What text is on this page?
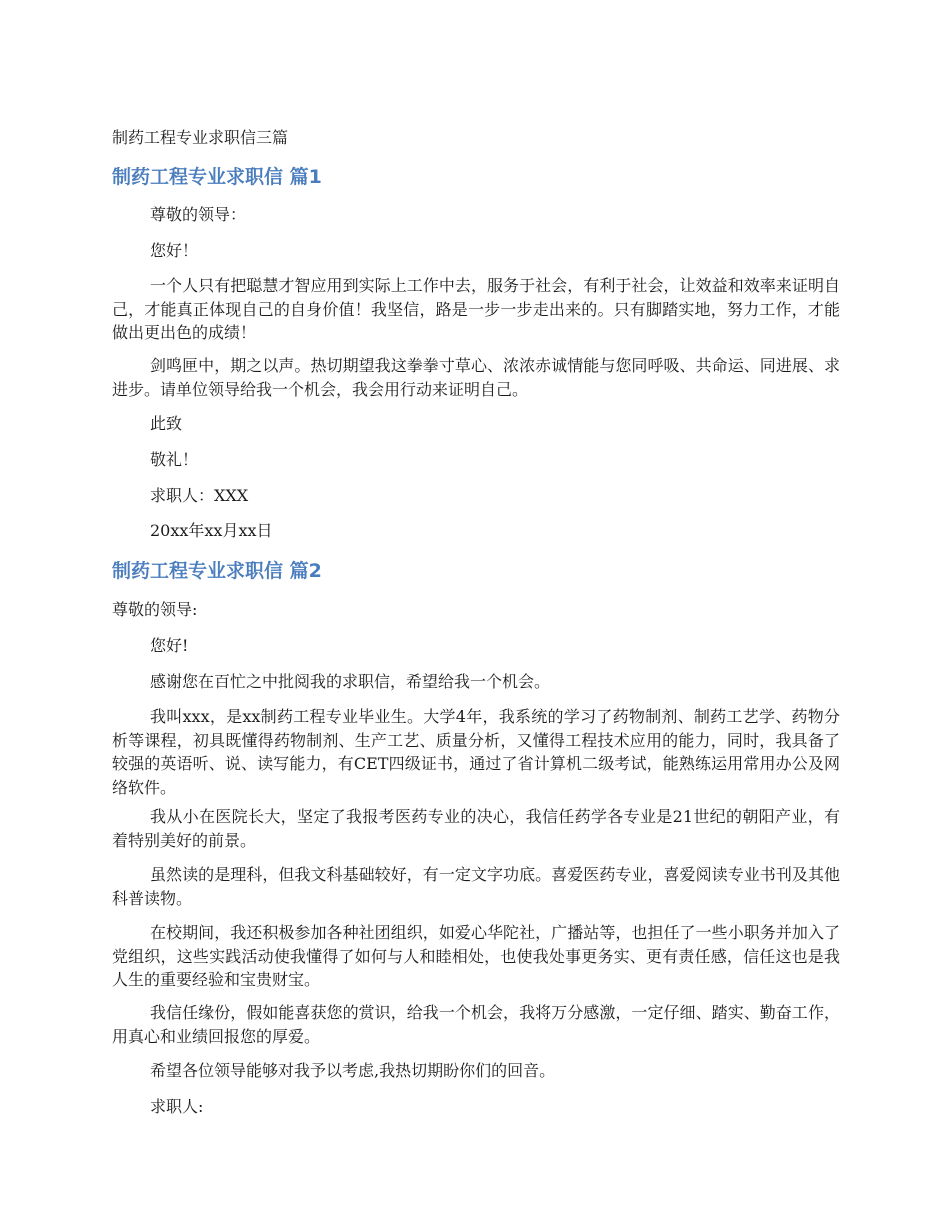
制药工程专业求职信三篇
制药工程专业求职信 篇1

尊敬的领导：

您好！

一个人只有把聪慧才智应用到实际上工作中去，服务于社会，有利于社会，让效益和效率来证明自己，才能真正体现自己的自身价值！我坚信，路是一步一步走出来的。只有脚踏实地，努力工作，才能做出更出色的成绩！

剑鸣匣中，期之以声。热切期望我这拳拳寸草心、浓浓赤诚情能与您同呼吸、共命运、同进展、求进步。请单位领导给我一个机会，我会用行动来证明自己。

此致

敬礼！

求职人：XXX

20xx年xx月xx日

制药工程专业求职信 篇2

尊敬的领导:

您好!

感谢您在百忙之中批阅我的求职信，希望给我一个机会。

我叫xxx，是xx制药工程专业毕业生。大学4年，我系统的学习了药物制剂、制药工艺学、药物分析等课程，初具既懂得药物制剂、生产工艺、质量分析，又懂得工程技术应用的能力，同时，我具备了较强的英语听、说、读写能力，有CET四级证书，通过了省计算机二级考试，能熟练运用常用办公及网络软件。

我从小在医院长大，坚定了我报考医药专业的决心，我信任药学各专业是21世纪的朝阳产业，有着特别美好的前景。

虽然读的是理科，但我文科基础较好，有一定文字功底。喜爱医药专业，喜爱阅读专业书刊及其他科普读物。

在校期间，我还积极参加各种社团组织，如爱心华陀社，广播站等，也担任了一些小职务并加入了党组织，这些实践活动使我懂得了如何与人和睦相处，也使我处事更务实、更有责任感，信任这也是我人生的重要经验和宝贵财宝。

我信任缘份，假如能喜获您的赏识，给我一个机会，我将万分感激，一定仔细、踏实、勤奋工作，用真心和业绩回报您的厚爱。

希望各位领导能够对我予以考虑,我热切期盼你们的回音。

求职人:
